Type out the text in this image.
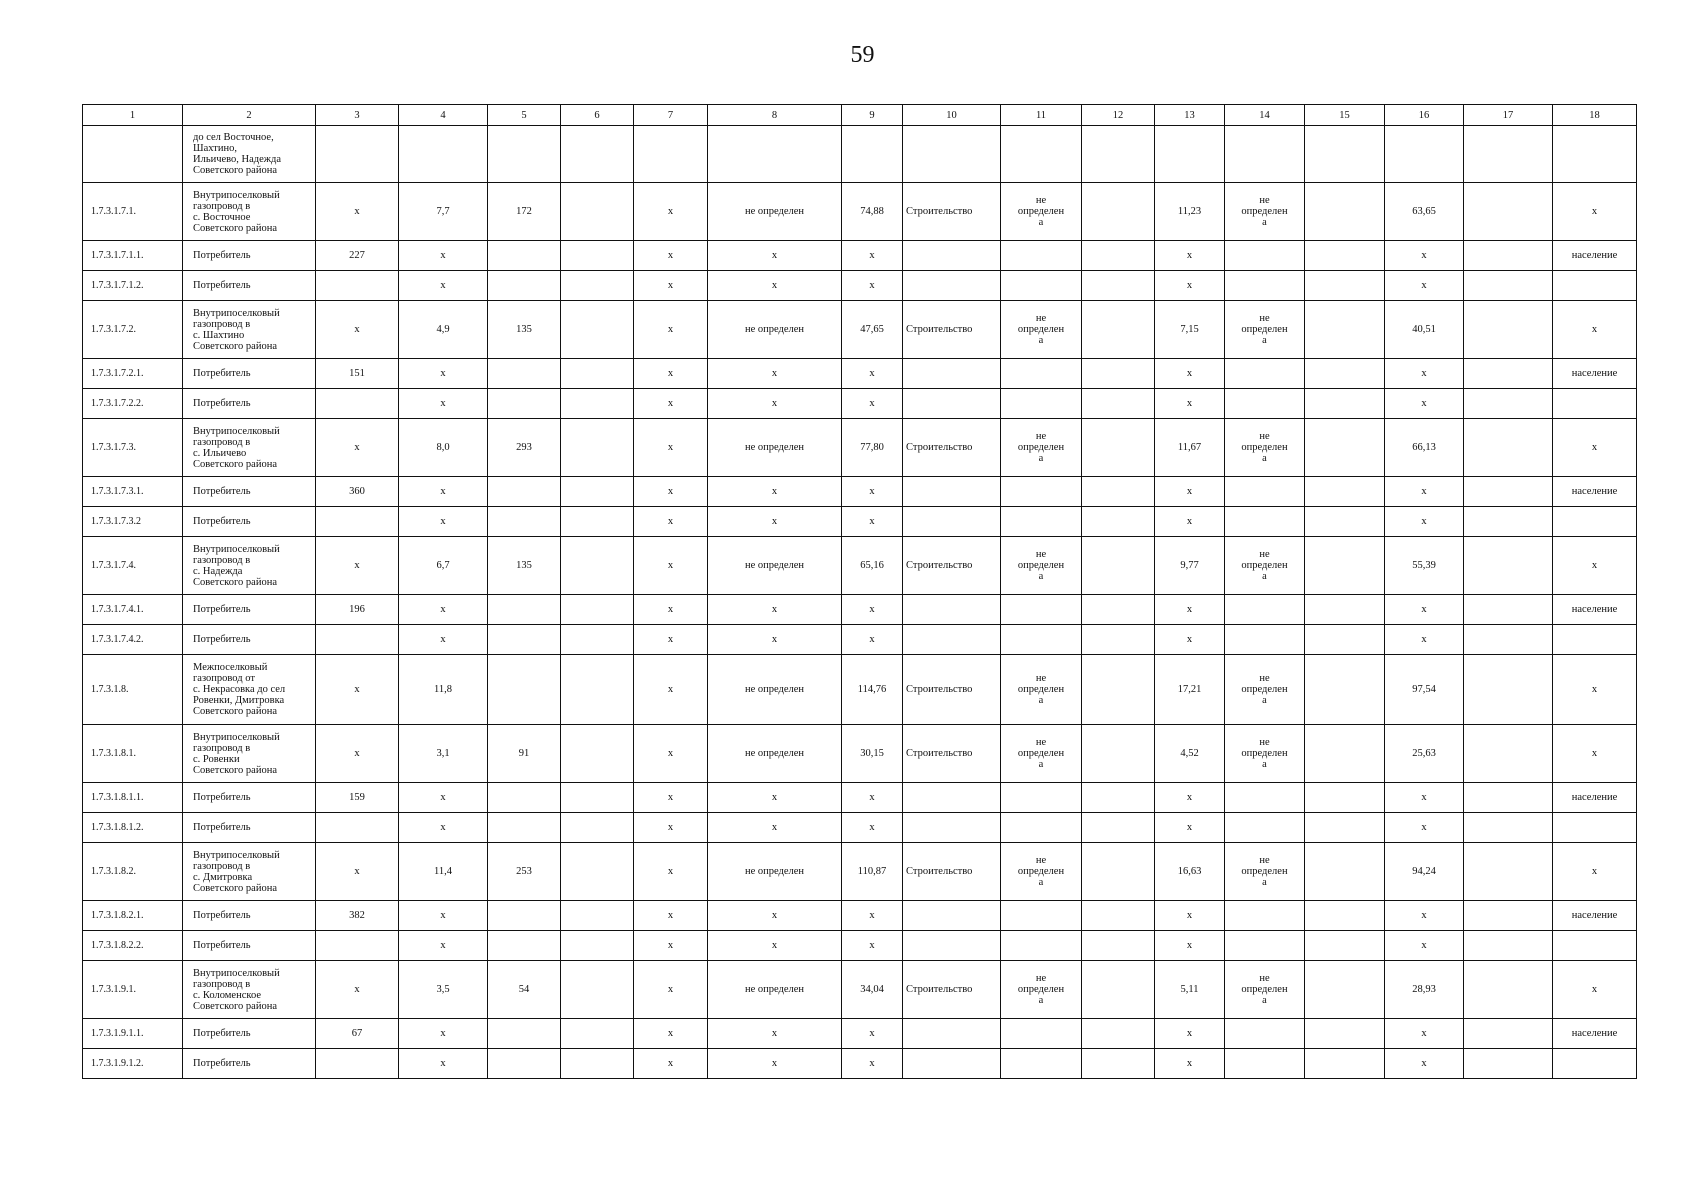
59
1	2	3	4	5	6	7	8	9	10	11	12	13	14	15	16	17	18
	до сел Восточное,
Шахтино,
Ильичево, Надежда
Советского района																
1.7.3.1.7.1.	Внутрипоселковый
газопровод в
с. Восточное
Советского района	x	7,7	172		x	не определен	74,88	Строительство	не
определен
а		11,23	не
определен
а		63,65		x
1.7.3.1.7.1.1.	Потребитель	227	x			x	x	x				x			x		население
1.7.3.1.7.1.2.	Потребитель		x			x	x	x				x			x		
1.7.3.1.7.2.	Внутрипоселковый
газопровод в
с. Шахтино
Советского района	x	4,9	135		x	не определен	47,65	Строительство	не
определен
а		7,15	не
определен
а		40,51		x
1.7.3.1.7.2.1.	Потребитель	151	x			x	x	x				x			x		население
1.7.3.1.7.2.2.	Потребитель		x			x	x	x				x			x		
1.7.3.1.7.3.	Внутрипоселковый
газопровод в
с. Ильичево
Советского района	x	8,0	293		x	не определен	77,80	Строительство	не
определен
а		11,67	не
определен
а		66,13		x
1.7.3.1.7.3.1.	Потребитель	360	x			x	x	x				x			x		население
1.7.3.1.7.3.2	Потребитель		x			x	x	x				x			x		
1.7.3.1.7.4.	Внутрипоселковый
газопровод в
с. Надежда
Советского района	x	6,7	135		x	не определен	65,16	Строительство	не
определен
а		9,77	не
определен
а		55,39		x
1.7.3.1.7.4.1.	Потребитель	196	x			x	x	x				x			x		население
1.7.3.1.7.4.2.	Потребитель		x			x	x	x				x			x		
1.7.3.1.8.	Межпоселковый
газопровод от
с. Некрасовка до сел
Ровенки, Дмитровка
Советского района	x	11,8			x	не определен	114,76	Строительство	не
определен
а		17,21	не
определен
а		97,54		x
1.7.3.1.8.1.	Внутрипоселковый
газопровод в
с. Ровенки
Советского района	x	3,1	91		x	не определен	30,15	Строительство	не
определен
а		4,52	не
определен
а		25,63		x
1.7.3.1.8.1.1.	Потребитель	159	x			x	x	x				x			x		население
1.7.3.1.8.1.2.	Потребитель		x			x	x	x				x			x		
1.7.3.1.8.2.	Внутрипоселковый
газопровод в
с. Дмитровка
Советского района	x	11,4	253		x	не определен	110,87	Строительство	не
определен
а		16,63	не
определен
а		94,24		x
1.7.3.1.8.2.1.	Потребитель	382	x			x	x	x				x			x		население
1.7.3.1.8.2.2.	Потребитель		x			x	x	x				x			x		
1.7.3.1.9.1.	Внутрипоселковый
газопровод в
с. Коломенское
Советского района	x	3,5	54		x	не определен	34,04	Строительство	не
определен
а		5,11	не
определен
а		28,93		x
1.7.3.1.9.1.1.	Потребитель	67	x			x	x	x				x			x		население
1.7.3.1.9.1.2.	Потребитель		x			x	x	x				x			x		
